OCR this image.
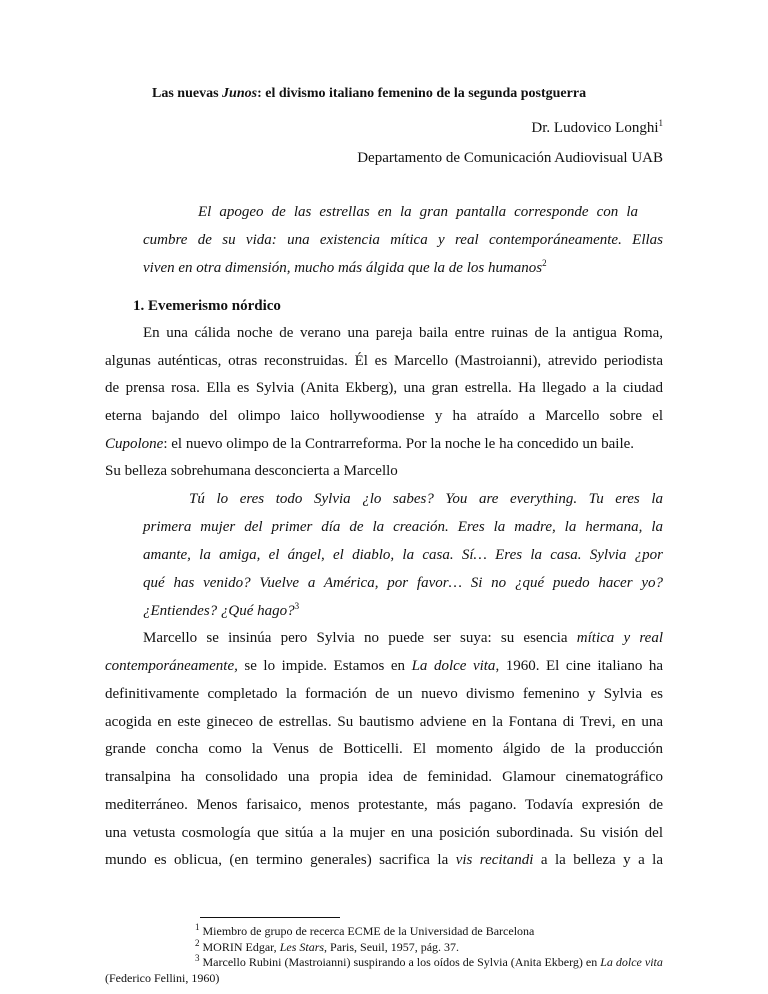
Las nuevas Junos: el divismo italiano femenino de la segunda postguerra
Dr. Ludovico Longhi$^1$
Departamento de Comunicación Audiovisual UAB
El apogeo de las estrellas en la gran pantalla corresponde con la
cumbre de su vida: una existencia mítica y real contemporáneamente. Ellas
viven en otra dimensión, mucho más álgida que la de los humanos$^2$
1. Evemerismo nórdico
En una cálida noche de verano una pareja baila entre ruinas de la antigua Roma,
algunas auténticas, otras reconstruidas. Él es Marcello (Mastroianni), atrevido periodista
de prensa rosa. Ella es Sylvia (Anita Ekberg), una gran estrella. Ha llegado a la ciudad
eterna bajando del olimpo laico hollywoodiense y ha atraído a Marcello sobre el
Cupolone: el nuevo olimpo de la Contrarreforma. Por la noche le ha concedido un baile.
Su belleza sobrehumana desconcierta a Marcello
Tú lo eres todo Sylvia ¿lo sabes? You are everything. Tu eres la
primera mujer del primer día de la creación. Eres la madre, la hermana, la
amante, la amiga, el ángel, el diablo, la casa. Sí… Eres la casa. Sylvia ¿por
qué has venido? Vuelve a América, por favor… Si no ¿qué puedo hacer yo?
¿Entiendes? ¿Qué hago?$^3$
Marcello se insinúa pero Sylvia no puede ser suya: su esencia mítica y real
contemporáneamente, se lo impide. Estamos en La dolce vita, 1960. El cine italiano ha
definitivamente completado la formación de un nuevo divismo femenino y Sylvia es
acogida en este gineceo de estrellas. Su bautismo adviene en la Fontana di Trevi, en una
grande concha como la Venus de Botticelli. El momento álgido de la producción
transalpina ha consolidado una propia idea de feminidad. Glamour cinematográfico
mediterráneo. Menos farisaico, menos protestante, más pagano. Todavía expresión de
una vetusta cosmología que sitúa a la mujer en una posición subordinada. Su visión del
mundo es oblicua, (en termino generales) sacrifica la vis recitandi a la belleza y a la
$^1$ Miembro de grupo de recerca ECME de la Universidad de Barcelona
$^2$ MORIN Edgar, Les Stars, Paris, Seuil, 1957, pág. 37.
$^3$ Marcello Rubini (Mastroianni) suspirando a los oídos de Sylvia (Anita Ekberg) en La dolce vita
(Federico Fellini, 1960)
